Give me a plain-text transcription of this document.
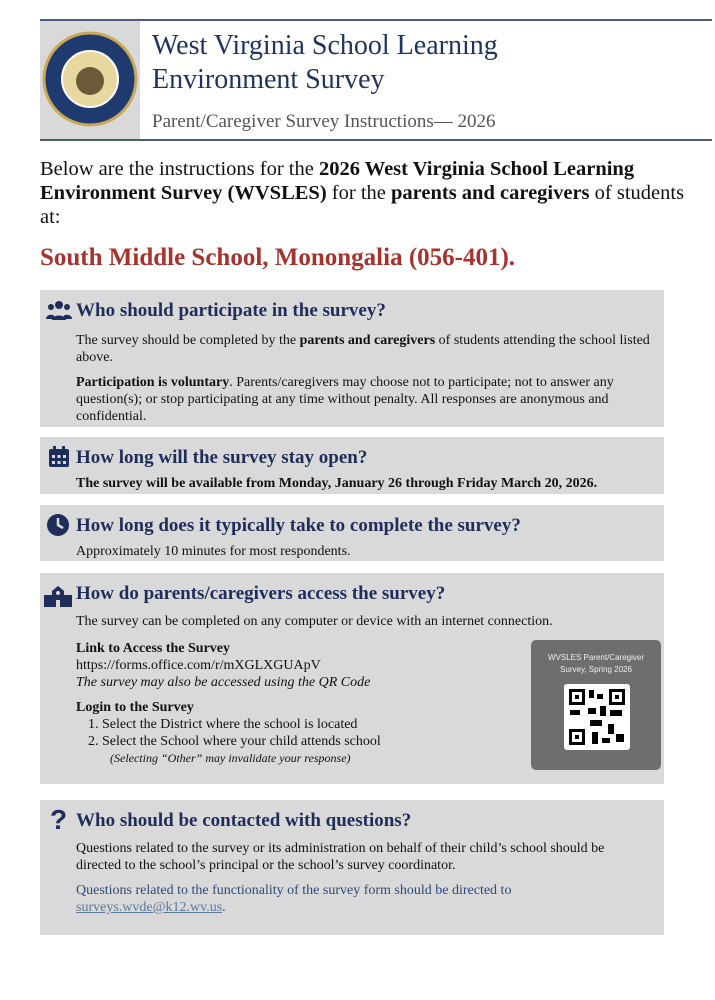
West Virginia School Learning
Environment Survey
Parent/Caregiver Survey Instructions— 2026
Below are the instructions for the 2026 West Virginia School Learning Environment Survey (WVSLES) for the parents and caregivers of students at:
South Middle School, Monongalia (056-401).
Who should participate in the survey?

The survey should be completed by the parents and caregivers of students attending the school listed above.

Participation is voluntary. Parents/caregivers may choose not to participate; not to answer any question(s); or stop participating at any time without penalty. All responses are anonymous and confidential.

How long will the survey stay open?
The survey will be available from Monday, January 26 through Friday March 20, 2026.
How long does it typically take to complete the survey?
Approximately 10 minutes for most respondents.
How do parents/caregivers access the survey?

The survey can be completed on any computer or device with an internet connection.

Link to Access the Survey
https://forms.office.com/r/mXGLXGUApV
The survey may also be accessed using the QR Code
Login to the Survey
1. Select the District where the school is located
2. Select the School where your child attends school
(Selecting “Other” may invalidate your response)
WVSLES Parent/Caregiver Survey, Spring 2026
? Who should be contacted with questions?

Questions related to the survey or its administration on behalf of their child’s school should be directed to the school’s principal or the school’s survey coordinator.

Questions related to the functionality of the survey form should be directed to surveys.wvde@k12.wv.us.
